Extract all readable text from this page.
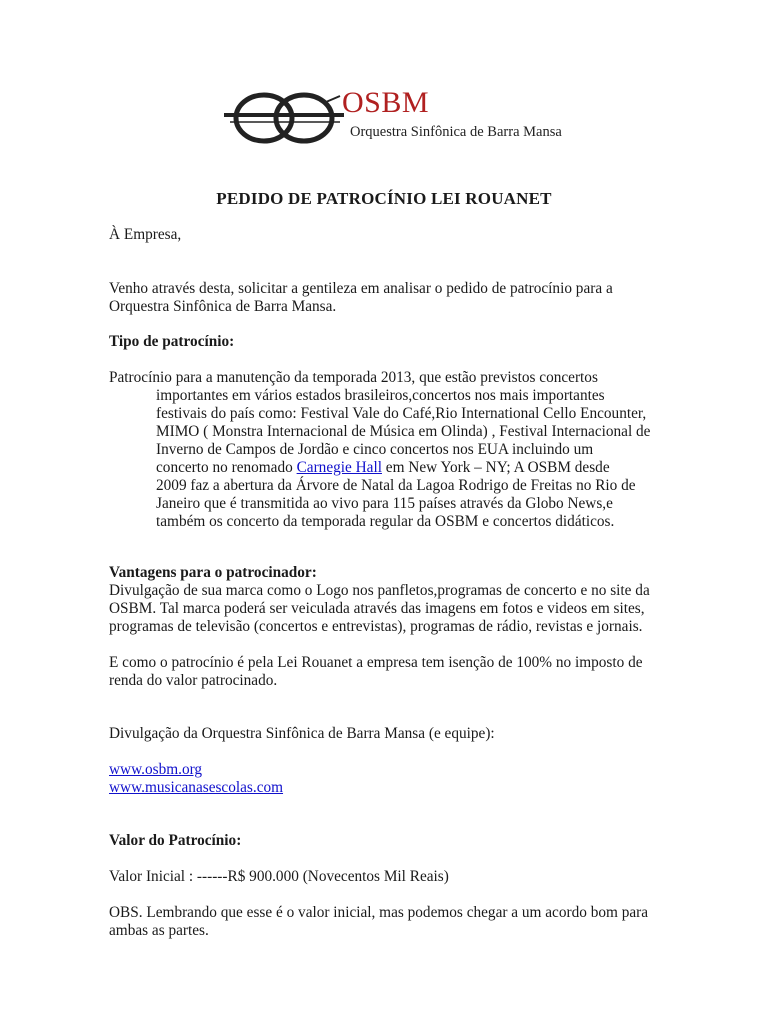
OSBM
Orquestra Sinfônica de Barra Mansa
PEDIDO DE PATROCÍNIO LEI ROUANET

À Empresa,

Venho através desta, solicitar a gentileza em analisar o pedido de patrocínio para a

Orquestra Sinfônica de Barra Mansa.

Tipo de patrocínio:

Patrocínio para a manutenção da temporada 2013, que estão previstos concertos

importantes em vários estados brasileiros,concertos nos mais importantes

festivais do país como: Festival Vale do Café,Rio International Cello Encounter,

MIMO ( Monstra Internacional de Música em Olinda) , Festival Internacional de

Inverno de Campos de Jordão e cinco concertos nos EUA incluindo um

concerto no renomado Carnegie Hall em New York – NY; A OSBM desde

2009 faz a abertura da Árvore de Natal da Lagoa Rodrigo de Freitas no Rio de

Janeiro que é transmitida ao vivo para 115 países através da Globo News,e

também os concerto da temporada regular da OSBM e concertos didáticos.

Vantagens para o patrocinador:

Divulgação de sua marca como o Logo nos panfletos,programas de concerto e no site da

OSBM. Tal marca poderá ser veiculada através das imagens em fotos e videos em sites,

programas de televisão (concertos e entrevistas), programas de rádio, revistas e jornais.

E como o patrocínio é pela Lei Rouanet a empresa tem isenção de 100% no imposto de

renda do valor patrocinado.

Divulgação da Orquestra Sinfônica de Barra Mansa (e equipe):

www.osbm.org

www.musicanasescolas.com

Valor do Patrocínio:

Valor Inicial : ------R$ 900.000 (Novecentos Mil Reais)

OBS. Lembrando que esse é o valor inicial, mas podemos chegar a um acordo bom para

ambas as partes.
